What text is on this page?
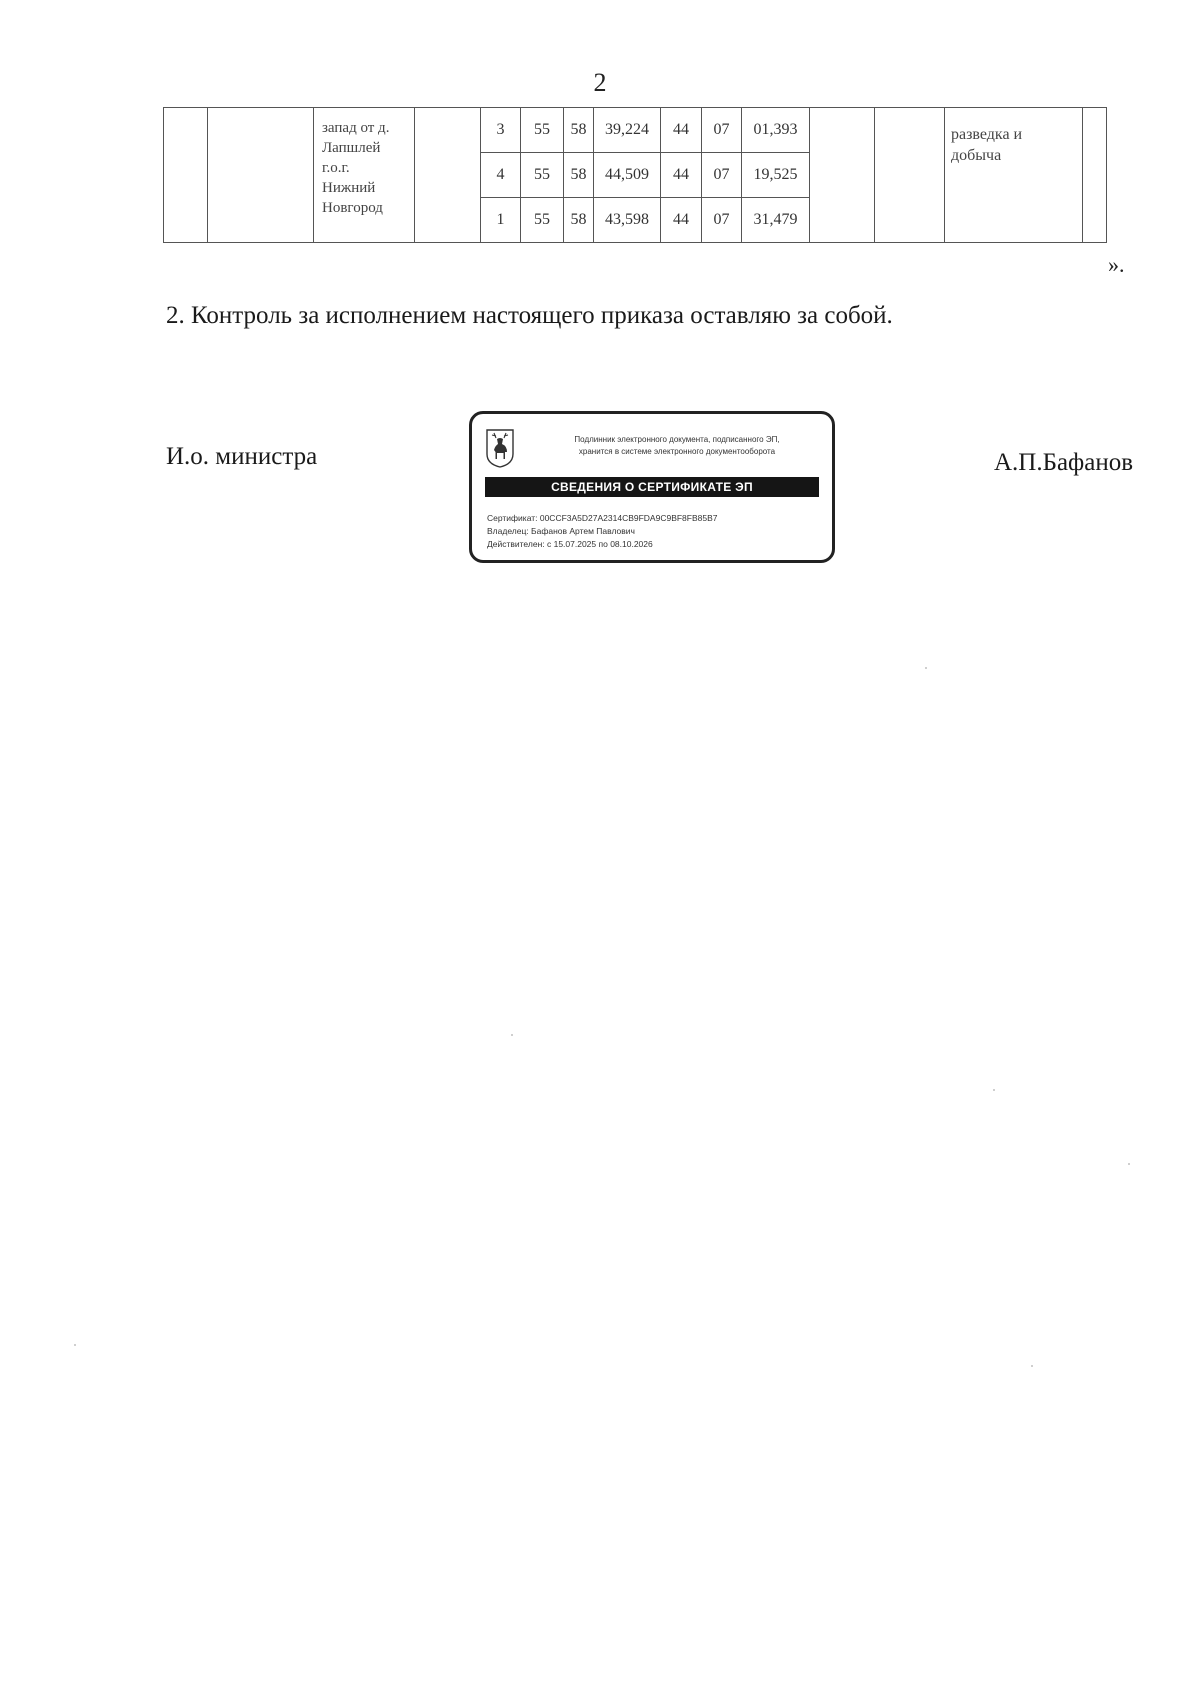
2

		запад от д.
Лапшлей
г.о.г.
Нижний
Новгород		3	55	58	39,224	44	07	01,393			разведка и
добыча	

				4	55	58	44,509	44	07	19,525				
				1	55	58	43,598	44	07	31,479				
».
2. Контроль за исполнением настоящего приказа оставляю за собой.
И.о. министра
Подлинник электронного документа, подписанного ЭП,
хранится в системе электронного документооборота
СВЕДЕНИЯ О СЕРТИФИКАТЕ ЭП
Сертификат: 00CCF3A5D27A2314CB9FDA9C9BF8FB85B7
Владелец: Бафанов Артем Павлович
Действителен: с 15.07.2025 по 08.10.2026
А.П.Бафанов
